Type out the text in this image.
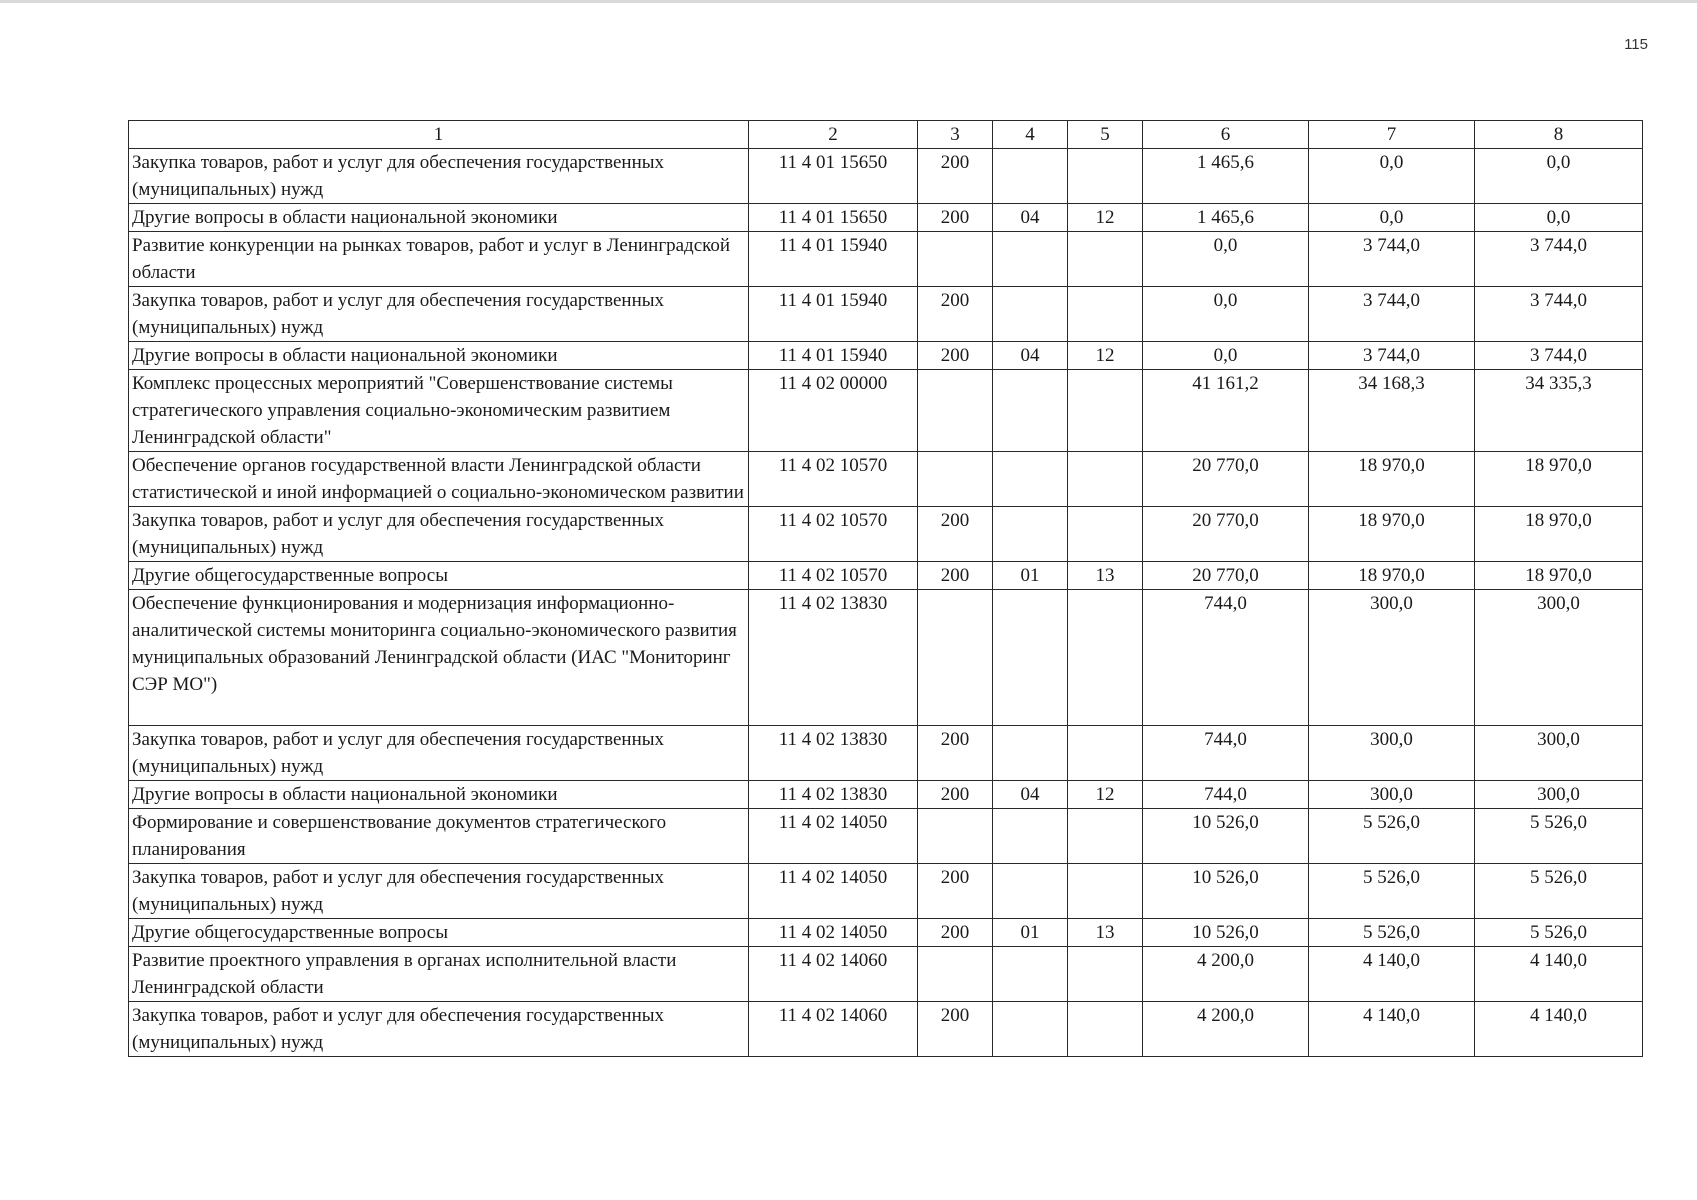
115
1	2	3	4	5	6	7	8
Закупка товаров, работ и услуг для обеспечения государственных (муниципальных) нужд	11 4 01 15650	200			1 465,6	0,0	0,0
Другие вопросы в области национальной экономики	11 4 01 15650	200	04	12	1 465,6	0,0	0,0
Развитие конкуренции на рынках товаров, работ и услуг в Ленинградской области	11 4 01 15940				0,0	3 744,0	3 744,0
Закупка товаров, работ и услуг для обеспечения государственных (муниципальных) нужд	11 4 01 15940	200			0,0	3 744,0	3 744,0
Другие вопросы в области национальной экономики	11 4 01 15940	200	04	12	0,0	3 744,0	3 744,0
Комплекс процессных мероприятий "Совершенствование системы стратегического управления социально-экономическим развитием Ленинградской области"	11 4 02 00000				41 161,2	34 168,3	34 335,3
Обеспечение органов государственной власти Ленинградской области статистической и иной информацией о социально-экономическом развитии	11 4 02 10570				20 770,0	18 970,0	18 970,0
Закупка товаров, работ и услуг для обеспечения государственных (муниципальных) нужд	11 4 02 10570	200			20 770,0	18 970,0	18 970,0
Другие общегосударственные вопросы	11 4 02 10570	200	01	13	20 770,0	18 970,0	18 970,0
Обеспечение функционирования и модернизация информационно-аналитической системы мониторинга социально-экономического развития муниципальных образований Ленинградской области (ИАС "Мониторинг СЭР МО")	11 4 02 13830				744,0	300,0	300,0
Закупка товаров, работ и услуг для обеспечения государственных (муниципальных) нужд	11 4 02 13830	200			744,0	300,0	300,0
Другие вопросы в области национальной экономики	11 4 02 13830	200	04	12	744,0	300,0	300,0
Формирование и совершенствование документов стратегического планирования	11 4 02 14050				10 526,0	5 526,0	5 526,0
Закупка товаров, работ и услуг для обеспечения государственных (муниципальных) нужд	11 4 02 14050	200			10 526,0	5 526,0	5 526,0
Другие общегосударственные вопросы	11 4 02 14050	200	01	13	10 526,0	5 526,0	5 526,0
Развитие проектного управления в органах исполнительной власти Ленинградской области	11 4 02 14060				4 200,0	4 140,0	4 140,0
Закупка товаров, работ и услуг для обеспечения государственных (муниципальных) нужд	11 4 02 14060	200			4 200,0	4 140,0	4 140,0
